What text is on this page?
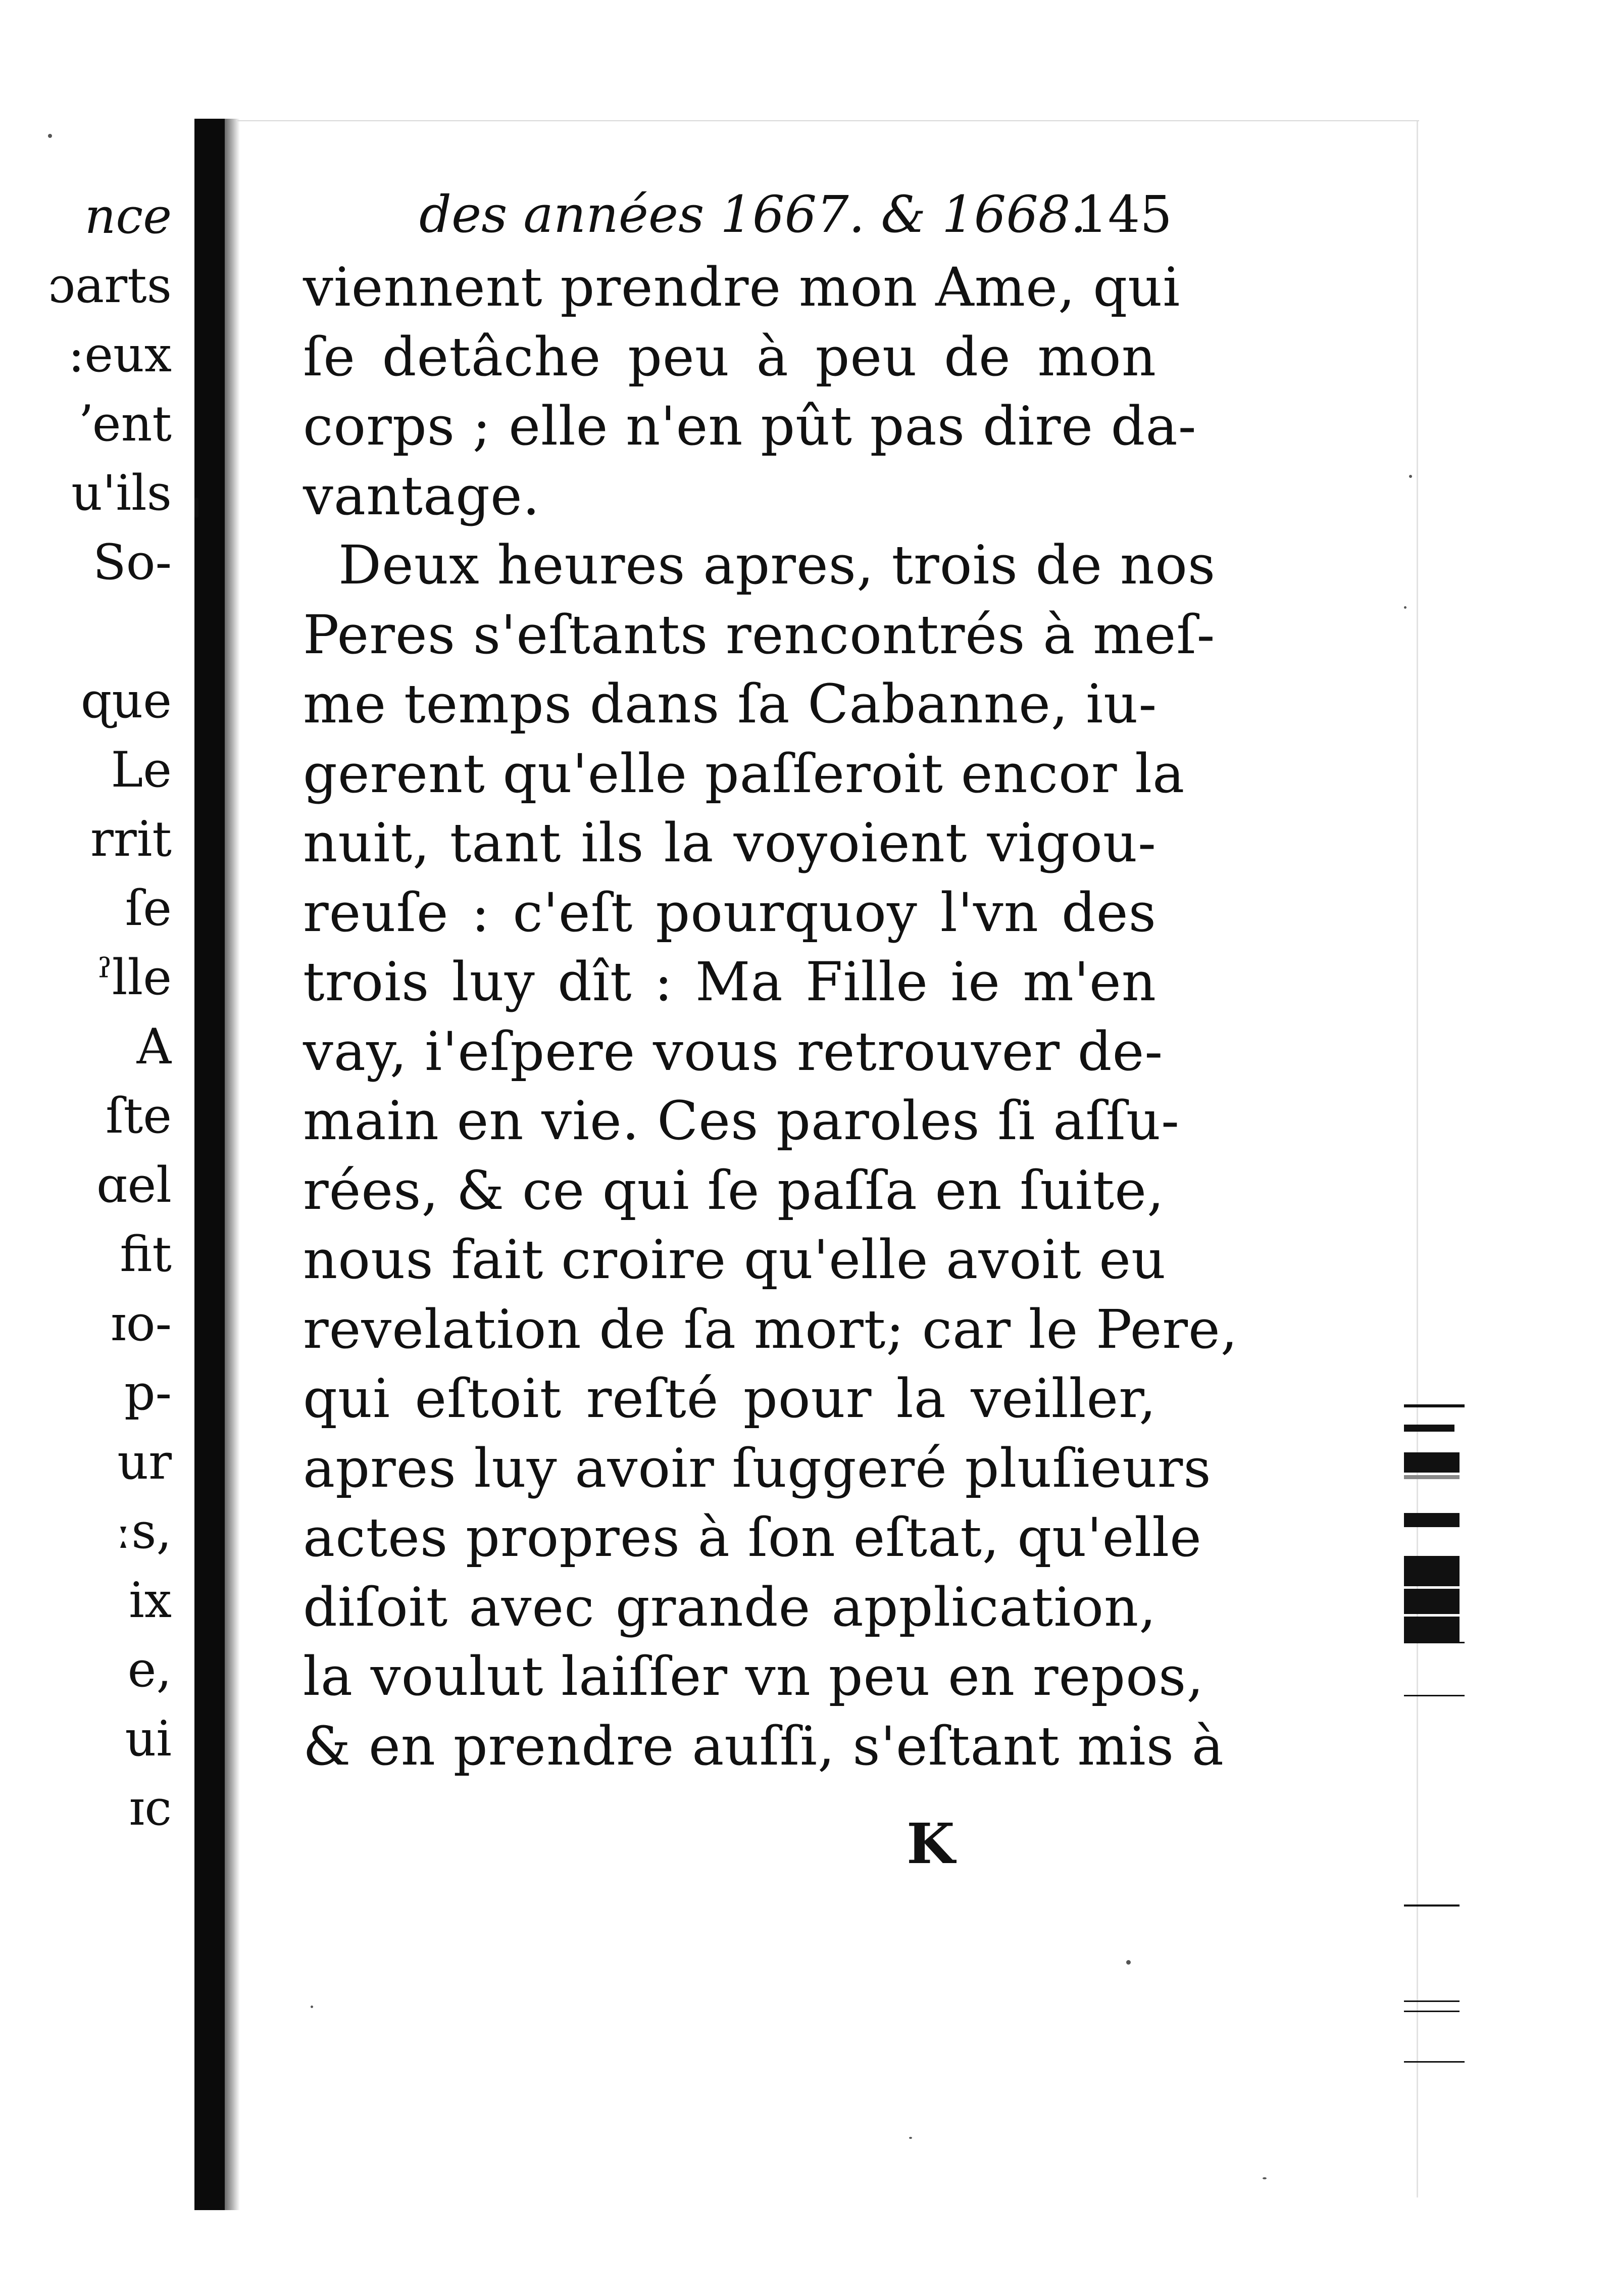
nce
ɔarts
:eux
ʼent
u'ils
So-
ɋue
Le
rrit
ſe
ˀlle
A
ſte
ɑel
fit
ɪo-
p-
ur
ːs,
ix
e,
ui
ɪc
des années 1667. & 1668.
145
viennent prendre mon Ame, qui
ſe detâche peu à peu de mon
corps ; elle n'en pût pas dire da-
vantage.
Deux heures apres, trois de nos
Peres s'eſtants rencontrés à meſ-
me temps dans ſa Cabanne, iu-
gerent qu'elle paſſeroit encor la
nuit, tant ils la voyoient vigou-
reuſe : c'eſt pourquoy l'vn des
trois luy dît : Ma Fille ie m'en
vay, i'eſpere vous retrouver de-
main en vie. Ces paroles ſi aſſu-
rées, & ce qui ſe paſſa en ſuite,
nous fait croire qu'elle avoit eu
revelation de ſa mort; car le Pere,
qui eſtoit reſté pour la veiller,
apres luy avoir ſuggeré pluſieurs
actes propres à ſon eſtat, qu'elle
diſoit avec grande application,
la voulut laiſſer vn peu en repos,
& en prendre auſſi, s'eſtant mis à
K
